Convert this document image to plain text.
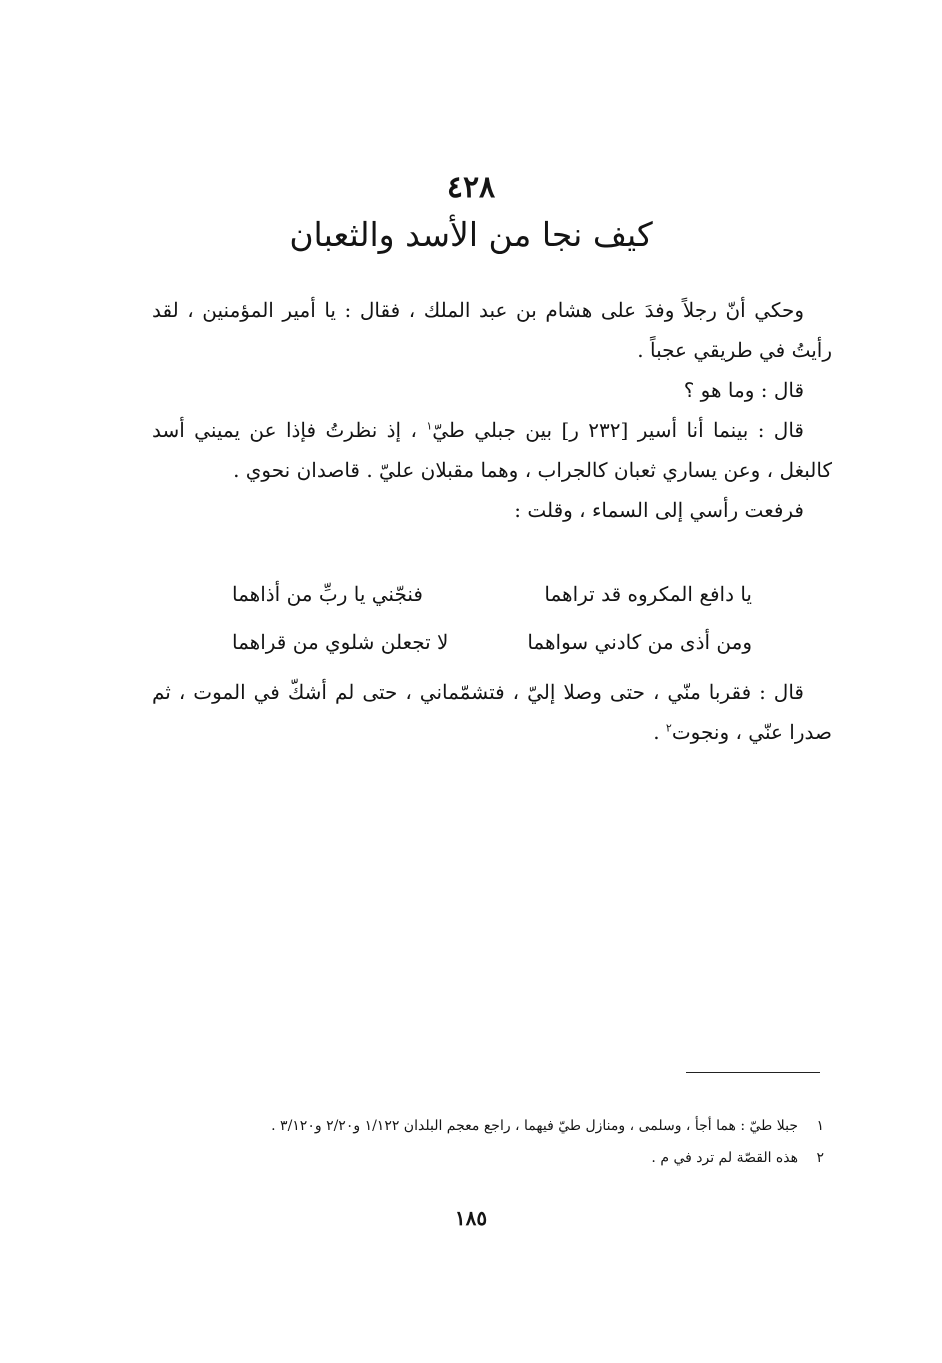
٤٢٨
كيف نجا من الأسد والثعبان

وحكي أنّ رجلاً وفدَ على هشام بن عبد الملك ، فقال : يا أمير المؤمنين ، لقد رأيتُ في طريقي عجباً .

قال : وما هو ؟

قال : بينما أنا أسير [٢٣٢ ر] بين جبلي طيّ$^١$ ، إذ نظرتُ فإذا عن يميني أسد كالبغل ، وعن يساري ثعبان كالجراب ، وهما مقبلان عليّ . قاصدان نحوي .

فرفعت رأسي إلى السماء ، وقلت :

يا دافع المكروه قد تراهما
فنجّني يا ربِّ من أذاهما
ومن أذى من كادني سواهما
لا تجعلن شلوي من قراهما

قال : فقربا منّي ، حتى وصلا إليّ ، فتشمّماني ، حتى لم أشكّ في الموت ، ثم صدرا عنّي ، ونجوت$^٢$ .

١جبلا طيّ : هما أجأ ، وسلمى ، ومنازل طيّ فيهما ، راجع معجم البلدان ١/١٢٢ و٢/٢٠ و٣/١٢٠ .
٢هذه القصّة لم ترد في م .
١٨٥
